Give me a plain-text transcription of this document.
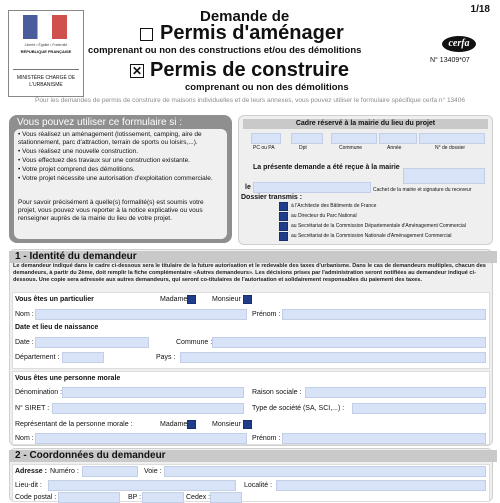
1/18
Liberté • Égalité • Fraternité
RÉPUBLIQUE FRANÇAISE
MINISTÈRE CHARGÉ DE L'URBANISME
Demande de
Permis d'aménager
comprenant ou non des constructions et/ou des démolitions
✕ Permis de construire
comprenant ou non des démolitions
cerfa
N° 13409*07
Pour les demandes de permis de construire de maisons individuelles et de leurs annexes, vous pouvez utiliser le formulaire spécifique cerfa n° 13406
Vous pouvez utiliser ce formulaire si :
• Vous réalisez un aménagement (lotissement, camping, aire de stationnement, parc d'attraction, terrain de sports ou loisirs,...).
• Vous réalisez une nouvelle construction.
• Vous effectuez des travaux sur une construction existante.
• Votre projet comprend des démolitions.
• Votre projet nécessite une autorisation d'exploitation commerciale.
Pour savoir précisément à quelle(s) formalité(s) est soumis votre projet, vous pouvez vous reporter à la notice explicative ou vous renseigner auprès de la mairie du lieu de votre projet.
Cadre réservé à la mairie du lieu du projet
PC ou PA	Dpt	Commune	Année	N° de dossier
La présente demande a été reçue à la mairie
le	Cachet de la mairie et signature du receveur
Dossier transmis :
à l'Architecte des Bâtiments de France
au Directeur du Parc National
au Secrétariat de la Commission Départementale d'Aménagement Commercial
au Secrétariat de la Commission Nationale d'Aménagement Commercial
1 - Identité du demandeur
Le demandeur indiqué dans le cadre ci-dessous sera le titulaire de la future autorisation et le redevable des taxes d'urbanisme. Dans le cas de demandeurs multiples, chacun des demandeurs, à partir du 2ème, doit remplir la fiche complémentaire «Autres demandeurs». Les décisions prises par l'administration seront notifiées au demandeur indiqué ci-dessous. Une copie sera adressée aux autres demandeurs, qui seront co-titulaires de l'autorisation et solidairement responsables du paiement des taxes.
Vous êtes un particulier	Madame	Monsieur
Nom :	Prénom :
Date et lieu de naissance
Date :	Commune :
Département :	Pays :
Vous êtes une personne morale
Dénomination :	Raison sociale :
N° SIRET :	Type de société (SA, SCI,...) :
Représentant de la personne morale :	Madame	Monsieur
Nom :	Prénom :
2 - Coordonnées du demandeur
Adresse : Numéro :	Voie :
Lieu-dit :	Localité :
Code postal :	BP :	Cedex :
